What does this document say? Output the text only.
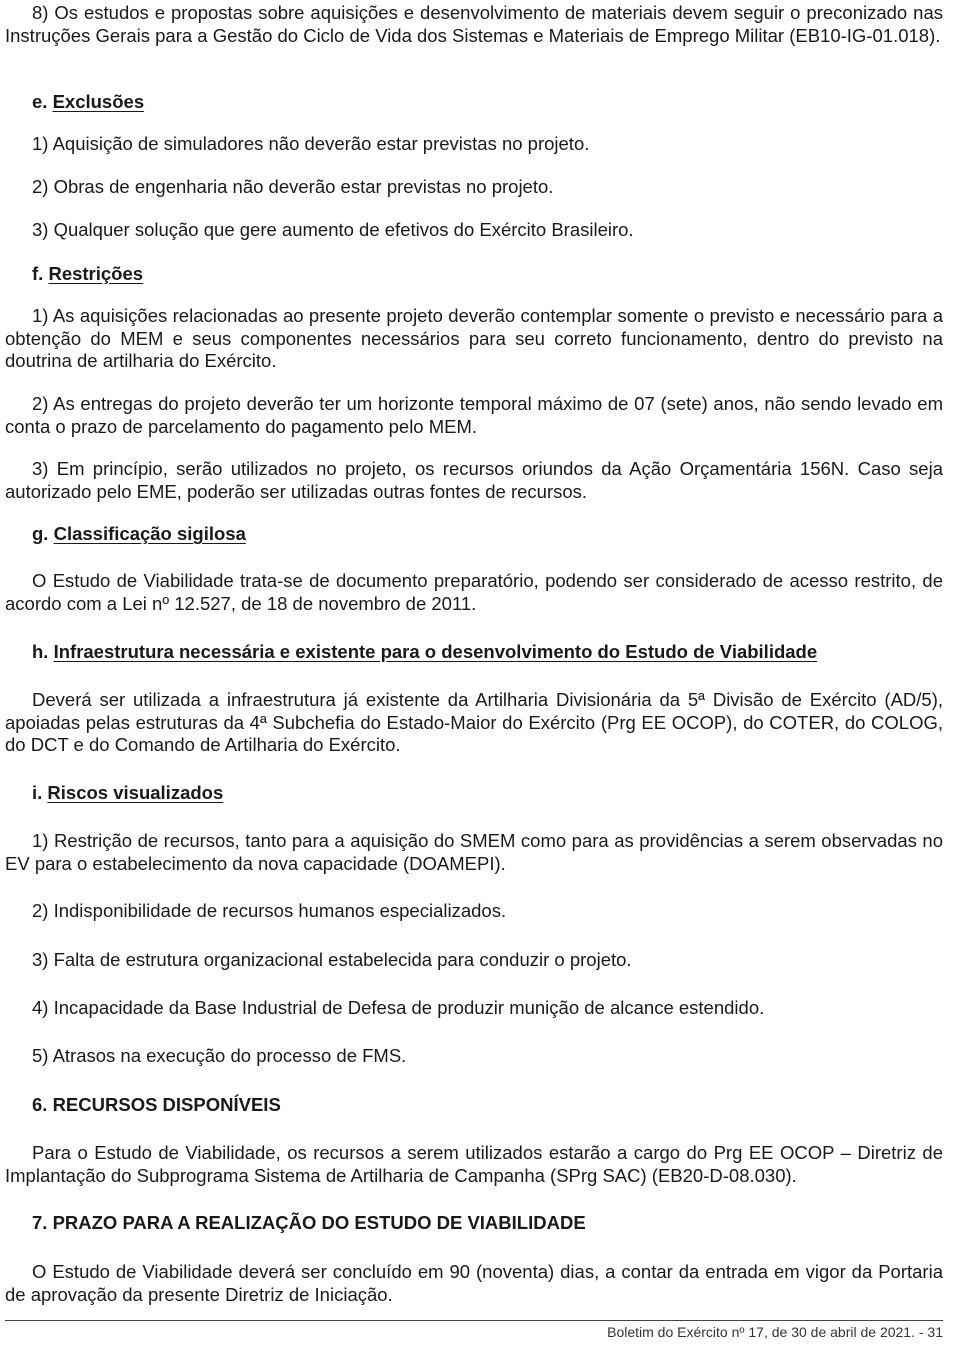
8) Os estudos e propostas sobre aquisições e desenvolvimento de materiais devem seguir o preconizado nas Instruções Gerais para a Gestão do Ciclo de Vida dos Sistemas e Materiais de Emprego Militar (EB10-IG-01.018).

e. Exclusões

1) Aquisição de simuladores não deverão estar previstas no projeto.

2) Obras de engenharia não deverão estar previstas no projeto.

3) Qualquer solução que gere aumento de efetivos do Exército Brasileiro.

f. Restrições

1) As aquisições relacionadas ao presente projeto deverão contemplar somente o previsto e necessário para a obtenção do MEM e seus componentes necessários para seu correto funcionamento, dentro do previsto na doutrina de artilharia do Exército.

2) As entregas do projeto deverão ter um horizonte temporal máximo de 07 (sete) anos, não sendo levado em conta o prazo de parcelamento do pagamento pelo MEM.

3) Em princípio, serão utilizados no projeto, os recursos oriundos da Ação Orçamentária 156N. Caso seja autorizado pelo EME, poderão ser utilizadas outras fontes de recursos.

g. Classificação sigilosa

O Estudo de Viabilidade trata-se de documento preparatório, podendo ser considerado de acesso restrito, de acordo com a Lei nº 12.527, de 18 de novembro de 2011.

h. Infraestrutura necessária e existente para o desenvolvimento do Estudo de Viabilidade

Deverá ser utilizada a infraestrutura já existente da Artilharia Divisionária da 5ª Divisão de Exército (AD/5), apoiadas pelas estruturas da 4ª Subchefia do Estado-Maior do Exército (Prg EE OCOP), do COTER, do COLOG, do DCT e do Comando de Artilharia do Exército.

i. Riscos visualizados

1) Restrição de recursos, tanto para a aquisição do SMEM como para as providências a serem observadas no EV para o estabelecimento da nova capacidade (DOAMEPI).

2) Indisponibilidade de recursos humanos especializados.

3) Falta de estrutura organizacional estabelecida para conduzir o projeto.

4) Incapacidade da Base Industrial de Defesa de produzir munição de alcance estendido.

5) Atrasos na execução do processo de FMS.

6. RECURSOS DISPONÍVEIS

Para o Estudo de Viabilidade, os recursos a serem utilizados estarão a cargo do Prg EE OCOP – Diretriz de Implantação do Subprograma Sistema de Artilharia de Campanha (SPrg SAC) (EB20-D-08.030).

7. PRAZO PARA A REALIZAÇÃO DO ESTUDO DE VIABILIDADE

O Estudo de Viabilidade deverá ser concluído em 90 (noventa) dias, a contar da entrada em vigor da Portaria de aprovação da presente Diretriz de Iniciação.

Boletim do Exército nº 17, de 30 de abril de 2021. - 31
